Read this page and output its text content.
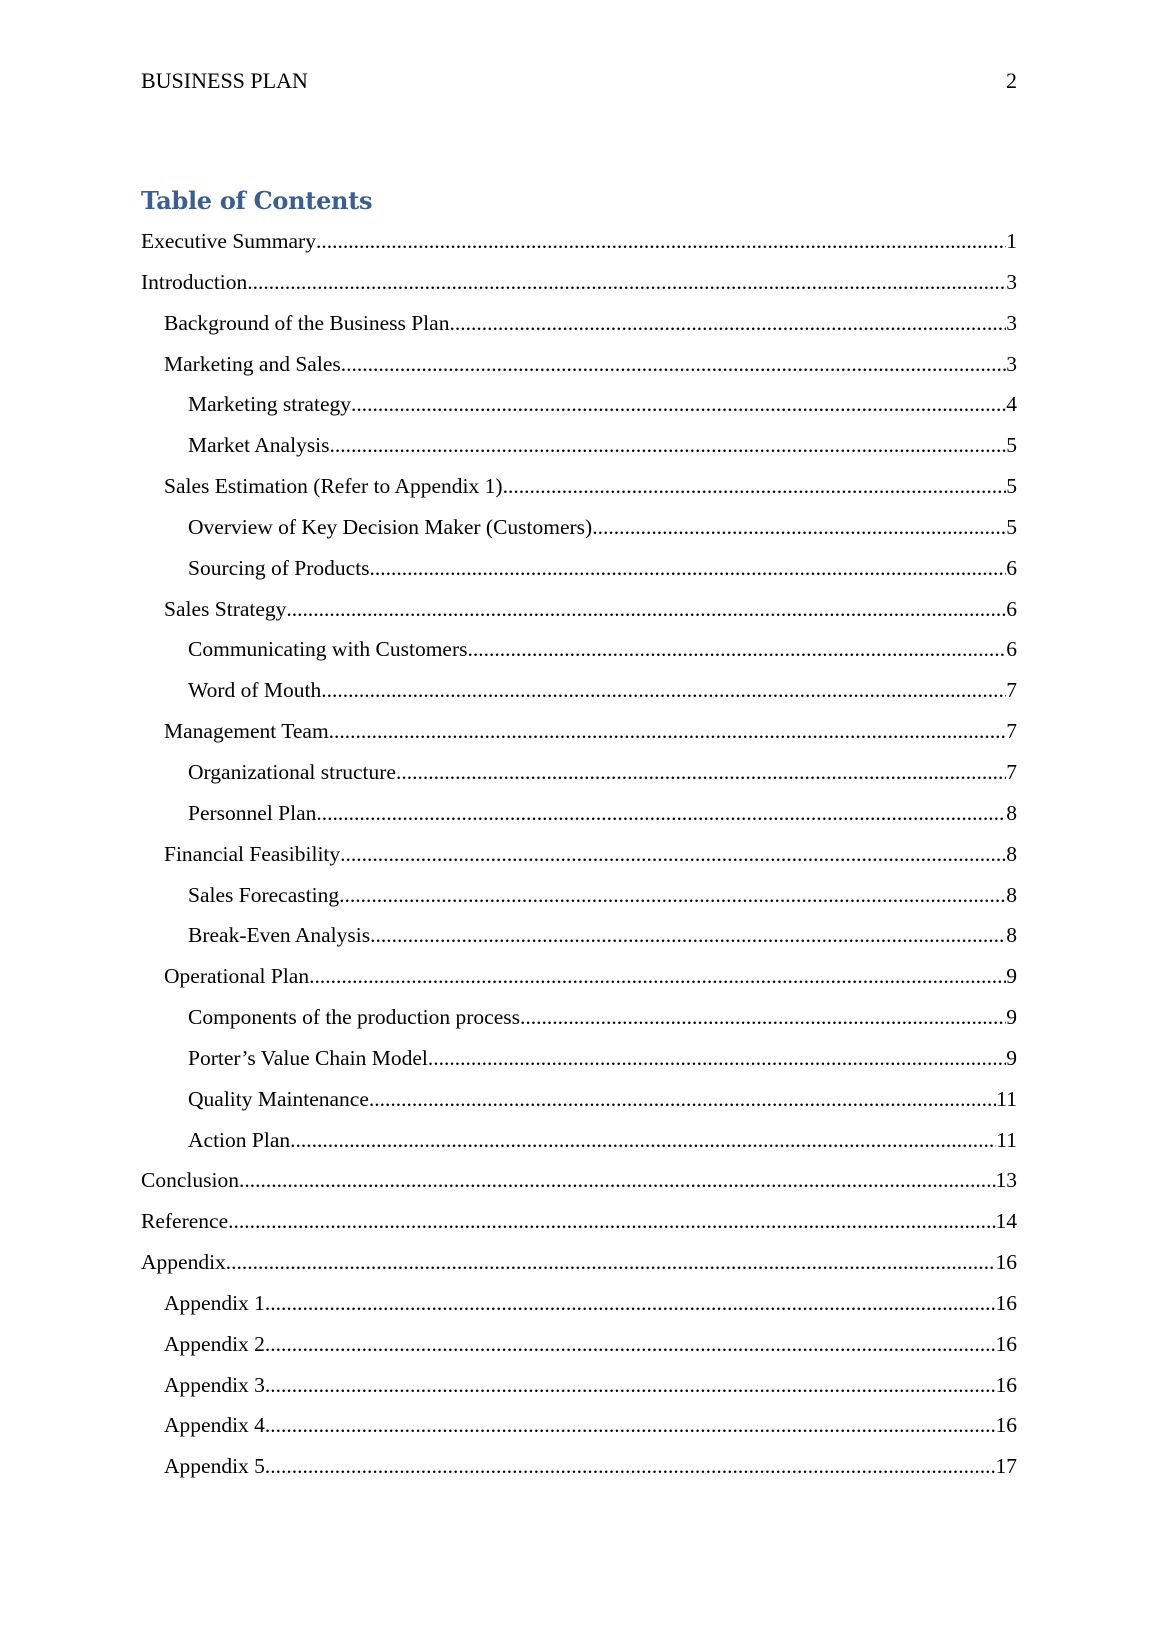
BUSINESS PLAN	2
Table of Contents
Executive Summary .....	1
Introduction .....	3
Background of the Business Plan .....	3
Marketing and Sales .....	3
Marketing strategy .....	4
Market Analysis .....	5
Sales Estimation (Refer to Appendix 1) .....	5
Overview of Key Decision Maker (Customers) .....	5
Sourcing of Products .....	6
Sales Strategy .....	6
Communicating with Customers .....	6
Word of Mouth .....	7
Management Team .....	7
Organizational structure .....	7
Personnel Plan .....	8
Financial Feasibility .....	8
Sales Forecasting .....	8
Break-Even Analysis .....	8
Operational Plan .....	9
Components of the production process .....	9
Porter’s Value Chain Model .....	9
Quality Maintenance .....	11
Action Plan .....	11
Conclusion .....	13
Reference .....	14
Appendix .....	16
Appendix 1 .....	16
Appendix 2 .....	16
Appendix 3 .....	16
Appendix 4 .....	16
Appendix 5 .....	17
